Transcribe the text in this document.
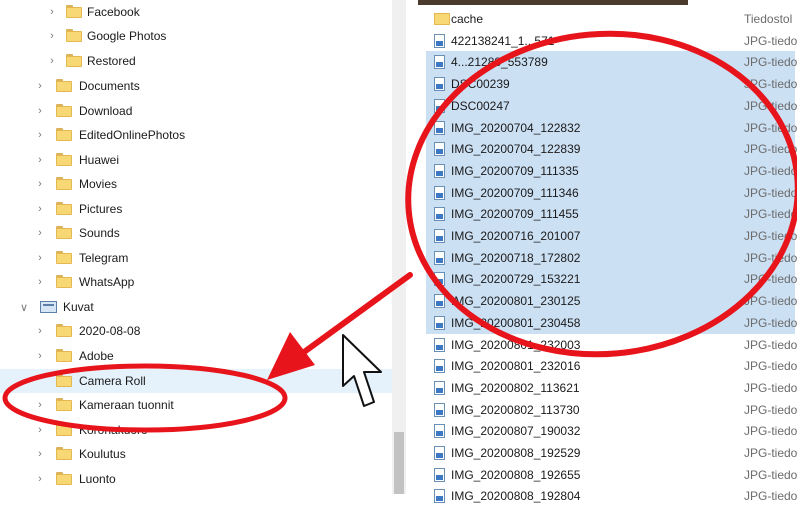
›	Facebook
›	Google Photos
›	Restored
›	Documents
›	Download
›	EditedOnlinePhotos
›	Huawei
›	Movies
›	Pictures
›	Sounds
›	Telegram
›	WhatsApp
∨	Kuvat
›	2020-08-08
›	Adobe
Camera Roll
›	Kameraan tuonnit
›	Koronakuoro
›	Koulutus
›	Luonto
cache	Tiedostol
422138241_1...571	JPG-tiedo
4...21288_553789	JPG-tiedo
DSC00239	JPG-tiedo
DSC00247	JPG-tiedo
IMG_20200704_122832	JPG-tiedo
IMG_20200704_122839	JPG-tiedo
IMG_20200709_111335	JPG-tiedo
IMG_20200709_111346	JPG-tiedo
IMG_20200709_111455	JPG-tiedo
IMG_20200716_201007	JPG-tiedo
IMG_20200718_172802	JPG-tiedo
IMG_20200729_153221	JPG-tiedo
IMG_20200801_230125	JPG-tiedo
IMG_20200801_230458	JPG-tiedo
IMG_20200801_232003	JPG-tiedo
IMG_20200801_232016	JPG-tiedo
IMG_20200802_113621	JPG-tiedo
IMG_20200802_113730	JPG-tiedo
IMG_20200807_190032	JPG-tiedo
IMG_20200808_192529	JPG-tiedo
IMG_20200808_192655	JPG-tiedo
IMG_20200808_192804	JPG-tiedo
